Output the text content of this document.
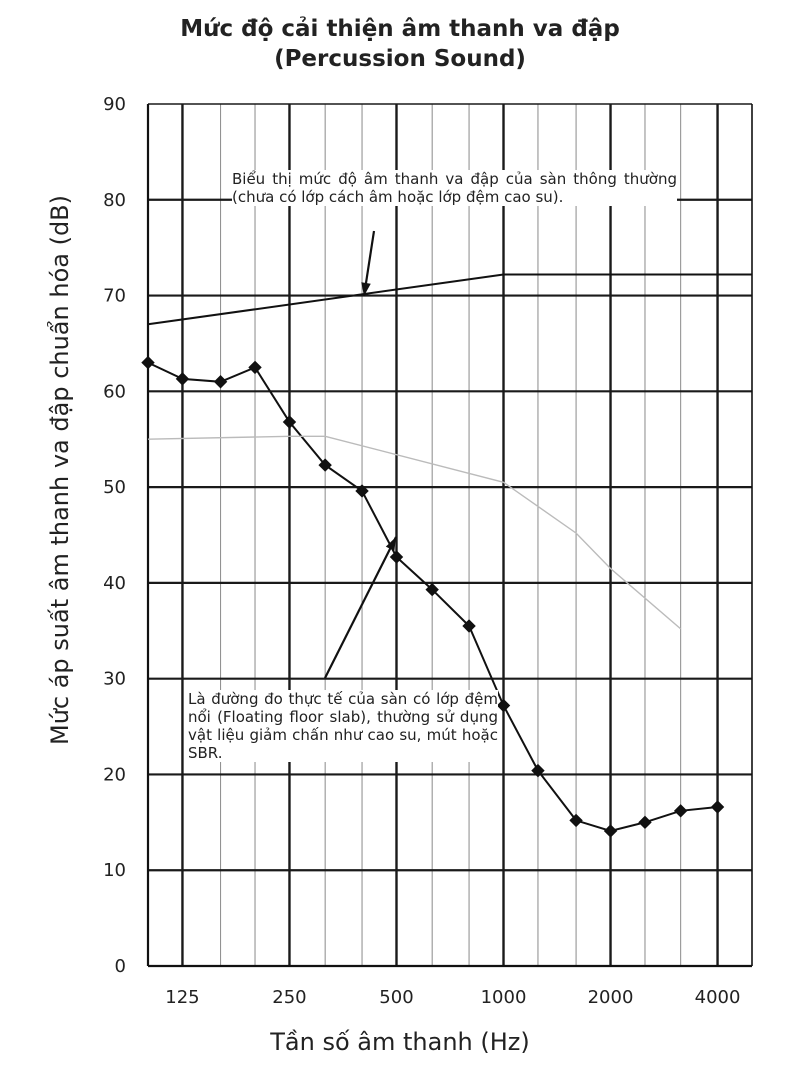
Mức độ cải thiện âm thanh va đập
(Percussion Sound)
0
10
20
30
40
50
60
70
80
90
125	250	500	1000	2000	4000
Mức áp suất âm thanh va đập chuẩn hóa (dB)
Tần số âm thanh (Hz)
Biểu thị mức độ âm thanh va đập của sàn thông thường (chưa có lớp cách âm hoặc lớp đệm cao su).
Là đường đo thực tế của sàn có lớp đệm nổi (Floating floor slab), thường sử dụng vật liệu giảm chấn như cao su, mút hoặc SBR.
